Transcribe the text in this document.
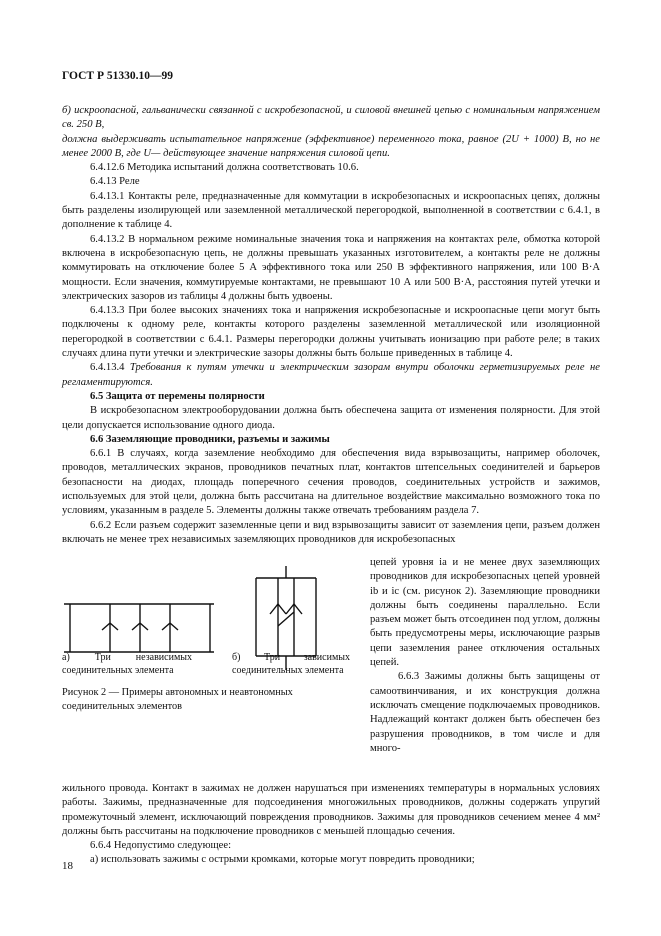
ГОСТ Р 51330.10—99

б) искроопасной, гальванически связанной с искробезопасной, и силовой внешней цепью с номинальным напряжением св. 250 В,

должна выдерживать испытательное напряжение (эффективное) переменного тока, равное (2U + 1000) В, но не менее 2000 В, где U— действующее значение напряжения силовой цепи.

6.4.12.6 Методика испытаний должна соответствовать 10.6.

6.4.13 Реле

6.4.13.1 Контакты реле, предназначенные для коммутации в искробезопасных и искроопасных цепях, должны быть разделены изолирующей или заземленной металлической перегородкой, выполненной в соответствии с 6.4.1, в дополнение к таблице 4.

6.4.13.2 В нормальном режиме номинальные значения тока и напряжения на контактах реле, обмотка которой включена в искробезопасную цепь, не должны превышать указанных изготовителем, а контакты реле не должны коммутировать на отключение более 5 А эффективного тока или 250 В эффективного напряжения, или 100 В·А мощности. Если значения, коммутируемые контактами, не превышают 10 А или 500 В·А, расстояния путей утечки и электрических зазоров из таблицы 4 должны быть удвоены.

6.4.13.3 При более высоких значениях тока и напряжения искробезопасные и искроопасные цепи могут быть подключены к одному реле, контакты которого разделены заземленной металлической или изоляционной перегородкой в соответствии с 6.4.1. Размеры перегородки должны учитывать ионизацию при работе реле; в таких случаях длина пути утечки и электрические зазоры должны быть больше приведенных в таблице 4.

6.4.13.4 Требования к путям утечки и электрическим зазорам внутри оболочки герметизируемых реле не регламентируются.

6.5 Защита от перемены полярности

В искробезопасном электрооборудовании должна быть обеспечена защита от изменения полярности. Для этой цели допускается использование одного диода.

6.6 Заземляющие проводники, разъемы и зажимы

6.6.1 В случаях, когда заземление необходимо для обеспечения вида взрывозащиты, например оболочек, проводов, металлических экранов, проводников печатных плат, контактов штепсельных соединителей и барьеров безопасности на диодах, площадь поперечного сечения проводов, соединительных устройств и зажимов, используемых для этой цели, должна быть рассчитана на длительное воздействие максимально возможного тока по условиям, указанным в разделе 5. Элементы должны также отвечать требованиям раздела 7.

6.6.2 Если разъем содержит заземленные цепи и вид взрывозащиты зависит от заземления цепи, разъем должен включать не менее трех независимых заземляющих проводников для искробезопасных

а) Три независимых соединительных элемента
б) Три зависимых соединительных элемента
Рисунок 2 — Примеры автономных и неавтономных соединительных элементов

цепей уровня ia и не менее двух заземляющих проводников для искробезопасных цепей уровней ib и ic (см. рисунок 2). Заземляющие проводники должны быть соединены параллельно. Если разъем может быть отсоединен под углом, должны быть предусмотрены меры, исключающие разрыв цепи заземления ранее отключения остальных цепей.

6.6.3 Зажимы должны быть защищены от самоотвинчивания, и их конструкция должна исключать смещение подключаемых проводников. Надлежащий контакт должен быть обеспечен без разрушения проводников, в том числе и для много-

жильного провода. Контакт в зажимах не должен нарушаться при изменениях температуры в нормальных условиях работы. Зажимы, предназначенные для подсоединения многожильных проводников, должны содержать упругий промежуточный элемент, исключающий повреждения проводников. Зажимы для проводников сечением менее 4 мм² должны быть рассчитаны на подключение проводников с меньшей площадью сечения.

6.6.4 Недопустимо следующее:

а) использовать зажимы с острыми кромками, которые могут повредить проводники;

18
